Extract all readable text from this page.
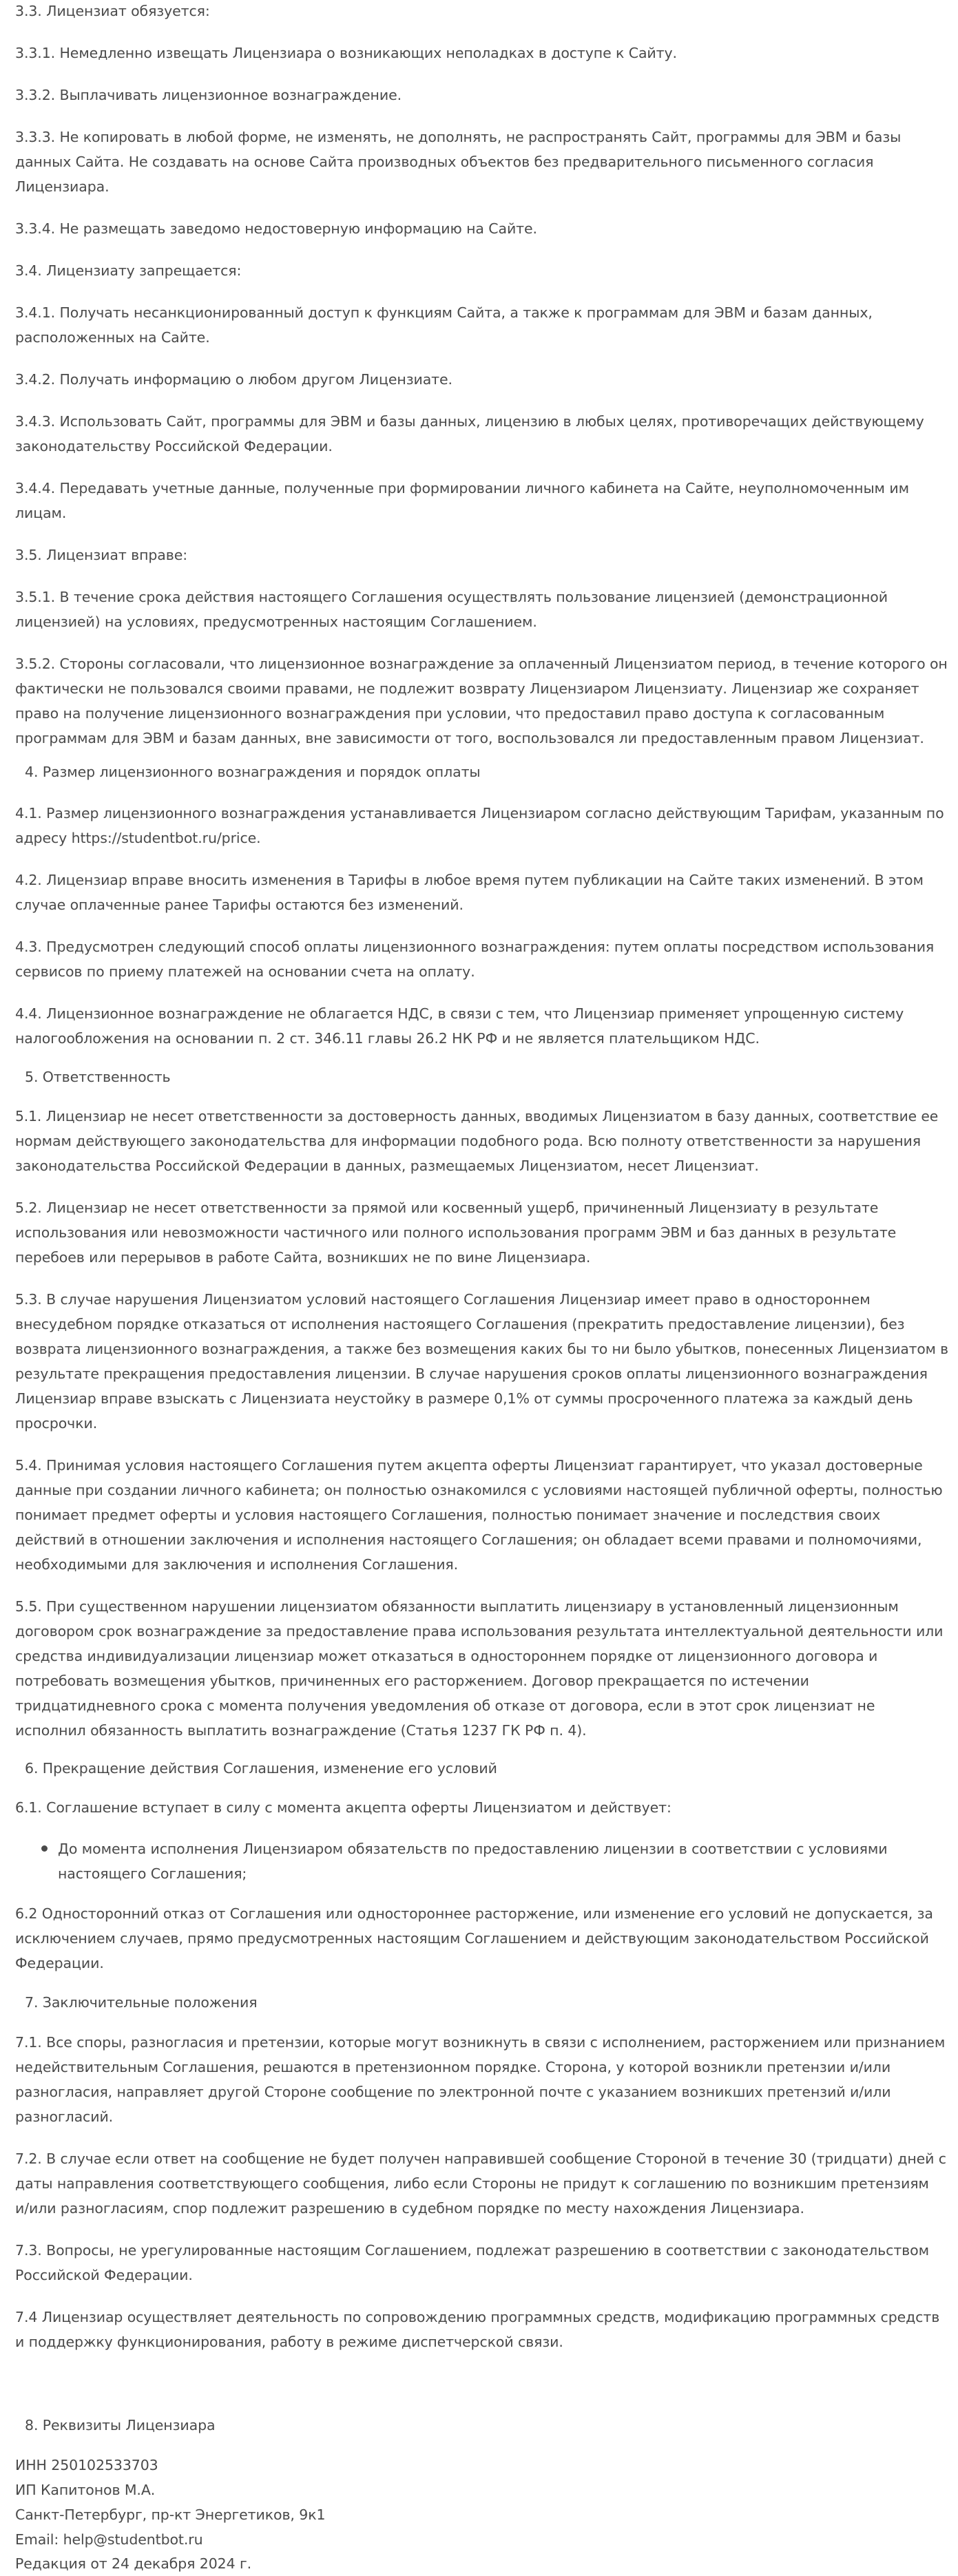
3.3. Лицензиат обязуется:

3.3.1. Немедленно извещать Лицензиара о возникающих неполадках в доступе к Сайту.

3.3.2. Выплачивать лицензионное вознаграждение.

3.3.3. Не копировать в любой форме, не изменять, не дополнять, не распространять Сайт, программы для ЭВМ и базы

данных Сайта. Не создавать на основе Сайта производных объектов без предварительного письменного согласия

Лицензиара.

3.3.4. Не размещать заведомо недостоверную информацию на Сайте.

3.4. Лицензиату запрещается:

3.4.1. Получать несанкционированный доступ к функциям Сайта, а также к программам для ЭВМ и базам данных,

расположенных на Сайте.

3.4.2. Получать информацию о любом другом Лицензиате.

3.4.3. Использовать Сайт, программы для ЭВМ и базы данных, лицензию в любых целях, противоречащих действующему

законодательству Российской Федерации.

3.4.4. Передавать учетные данные, полученные при формировании личного кабинета на Сайте, неуполномоченным им

лицам.

3.5. Лицензиат вправе:

3.5.1. В течение срока действия настоящего Соглашения осуществлять пользование лицензией (демонстрационной

лицензией) на условиях, предусмотренных настоящим Соглашением.

3.5.2. Стороны согласовали, что лицензионное вознаграждение за оплаченный Лицензиатом период, в течение которого он

фактически не пользовался своими правами, не подлежит возврату Лицензиаром Лицензиату. Лицензиар же сохраняет

право на получение лицензионного вознаграждения при условии, что предоставил право доступа к согласованным

программам для ЭВМ и базам данных, вне зависимости от того, воспользовался ли предоставленным правом Лицензиат.

4. Размер лицензионного вознаграждения и порядок оплаты

4.1. Размер лицензионного вознаграждения устанавливается Лицензиаром согласно действующим Тарифам, указанным по

адресу https://studentbot.ru/price.

4.2. Лицензиар вправе вносить изменения в Тарифы в любое время путем публикации на Сайте таких изменений. В этом

случае оплаченные ранее Тарифы остаются без изменений.

4.3. Предусмотрен следующий способ оплаты лицензионного вознаграждения: путем оплаты посредством использования

сервисов по приему платежей на основании счета на оплату.

4.4. Лицензионное вознаграждение не облагается НДС, в связи с тем, что Лицензиар применяет упрощенную систему

налогообложения на основании п. 2 ст. 346.11 главы 26.2 НК РФ и не является плательщиком НДС.

5. Ответственность

5.1. Лицензиар не несет ответственности за достоверность данных, вводимых Лицензиатом в базу данных, соответствие ее

нормам действующего законодательства для информации подобного рода. Всю полноту ответственности за нарушения

законодательства Российской Федерации в данных, размещаемых Лицензиатом, несет Лицензиат.

5.2. Лицензиар не несет ответственности за прямой или косвенный ущерб, причиненный Лицензиату в результате

использования или невозможности частичного или полного использования программ ЭВМ и баз данных в результате

перебоев или перерывов в работе Сайта, возникших не по вине Лицензиара.

5.3. В случае нарушения Лицензиатом условий настоящего Соглашения Лицензиар имеет право в одностороннем

внесудебном порядке отказаться от исполнения настоящего Соглашения (прекратить предоставление лицензии), без

возврата лицензионного вознаграждения, а также без возмещения каких бы то ни было убытков, понесенных Лицензиатом в

результате прекращения предоставления лицензии. В случае нарушения сроков оплаты лицензионного вознаграждения

Лицензиар вправе взыскать с Лицензиата неустойку в размере 0,1% от суммы просроченного платежа за каждый день

просрочки.

5.4. Принимая условия настоящего Соглашения путем акцепта оферты Лицензиат гарантирует, что указал достоверные

данные при создании личного кабинета; он полностью ознакомился с условиями настоящей публичной оферты, полностью

понимает предмет оферты и условия настоящего Соглашения, полностью понимает значение и последствия своих

действий в отношении заключения и исполнения настоящего Соглашения; он обладает всеми правами и полномочиями,

необходимыми для заключения и исполнения Соглашения.

5.5. При существенном нарушении лицензиатом обязанности выплатить лицензиару в установленный лицензионным

договором срок вознаграждение за предоставление права использования результата интеллектуальной деятельности или

средства индивидуализации лицензиар может отказаться в одностороннем порядке от лицензионного договора и

потребовать возмещения убытков, причиненных его расторжением. Договор прекращается по истечении

тридцатидневного срока с момента получения уведомления об отказе от договора, если в этот срок лицензиат не

исполнил обязанность выплатить вознаграждение (Статья 1237 ГК РФ п. 4).

6. Прекращение действия Соглашения, изменение его условий

6.1. Соглашение вступает в силу с момента акцепта оферты Лицензиатом и действует:

До момента исполнения Лицензиаром обязательств по предоставлению лицензии в соответствии с условиями

настоящего Соглашения;

6.2 Односторонний отказ от Соглашения или одностороннее расторжение, или изменение его условий не допускается, за

исключением случаев, прямо предусмотренных настоящим Соглашением и действующим законодательством Российской

Федерации.

7. Заключительные положения

7.1. Все споры, разногласия и претензии, которые могут возникнуть в связи с исполнением, расторжением или признанием

недействительным Соглашения, решаются в претензионном порядке. Сторона, у которой возникли претензии и/или

разногласия, направляет другой Стороне сообщение по электронной почте с указанием возникших претензий и/или

разногласий.

7.2. В случае если ответ на сообщение не будет получен направившей сообщение Стороной в течение 30 (тридцати) дней с

даты направления соответствующего сообщения, либо если Стороны не придут к соглашению по возникшим претензиям

и/или разногласиям, спор подлежит разрешению в судебном порядке по месту нахождения Лицензиара.

7.3. Вопросы, не урегулированные настоящим Соглашением, подлежат разрешению в соответствии с законодательством

Российской Федерации.

7.4 Лицензиар осуществляет деятельность по сопровождению программных средств, модификацию программных средств

и поддержку функционирования, работу в режиме диспетчерской связи.

8. Реквизиты Лицензиара

ИНН 250102533703

ИП Капитонов М.А.

Санкт-Петербург, пр-кт Энергетиков, 9к1

Email: help@studentbot.ru

Редакция от 24 декабря 2024 г.
